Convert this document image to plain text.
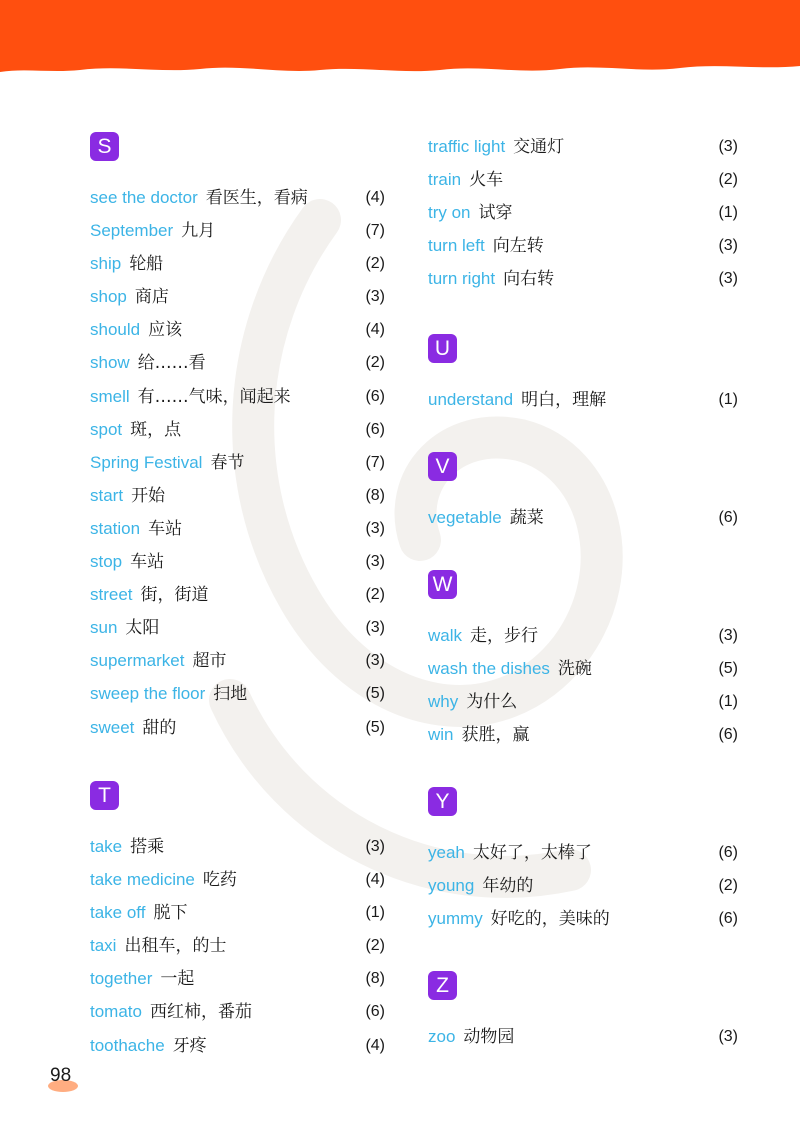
S
see the doctor 看医生，看病	(4)
September 九月	(7)
ship 轮船	(2)
shop 商店	(3)
should 应该	(4)
show 给……看	(2)
smell 有……气味，闻起来	(6)
spot 斑，点	(6)
Spring Festival 春节	(7)
start 开始	(8)
station 车站	(3)
stop 车站	(3)
street 街，街道	(2)
sun 太阳	(3)
supermarket 超市	(3)
sweep the floor 扫地	(5)
sweet 甜的	(5)
T
take 搭乘	(3)
take medicine 吃药	(4)
take off 脱下	(1)
taxi 出租车，的士	(2)
together 一起	(8)
tomato 西红柿，番茄	(6)
toothache 牙疼	(4)
traffic light 交通灯	(3)
train 火车	(2)
try on 试穿	(1)
turn left 向左转	(3)
turn right 向右转	(3)
U
understand 明白，理解	(1)
V
vegetable 蔬菜	(6)
W
walk 走，步行	(3)
wash the dishes 洗碗	(5)
why 为什么	(1)
win 获胜，赢	(6)
Y
yeah 太好了，太棒了	(6)
young 年幼的	(2)
yummy 好吃的，美味的	(6)
Z
zoo 动物园	(3)
98
